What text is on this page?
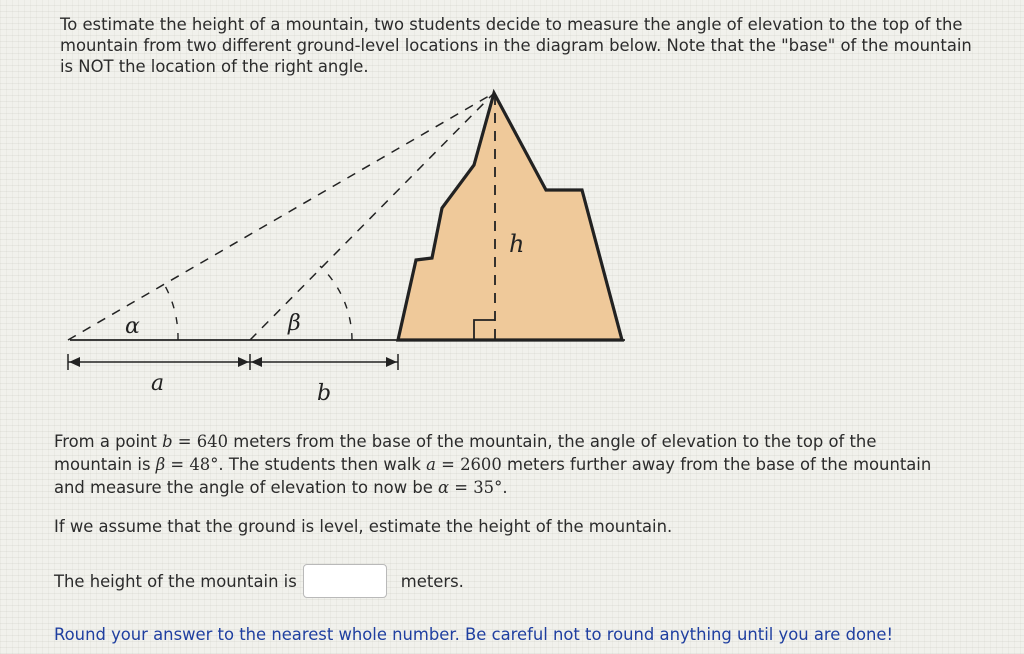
To estimate the height of a mountain, two students decide to measure the angle of elevation to the top of the mountain from two different ground-level locations in the diagram below. Note that the "base" of the mountain is NOT the location of the right angle.

α	β
h
a	b

From a point b = 640 meters from the base of the mountain, the angle of elevation to the top of the mountain is β = 48°. The students then walk a = 2600 meters further away from the base of the mountain and measure the angle of elevation to now be α = 35°.

If we assume that the ground is level, estimate the height of the mountain.

The height of the mountain is	meters.

Round your answer to the nearest whole number. Be careful not to round anything until you are done!
